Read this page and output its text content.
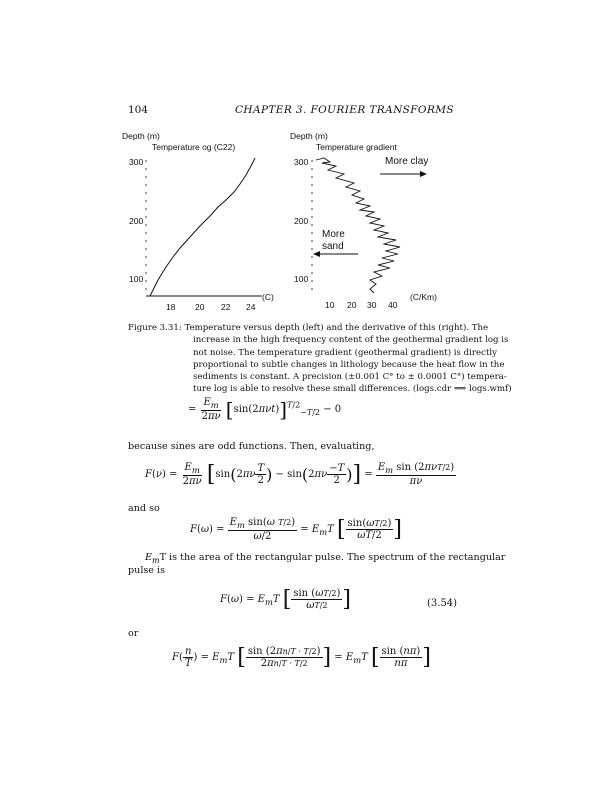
104	CHAPTER 3. FOURIER TRANSFORMS
Depth (m)
Temperature og (C22)
300
200
100
18 20 22 24
(C)
Depth (m)
Temperature gradient
300
200
100
10 20 30 40
(C/Km)
More clay
More
sand
Figure 3.31: Temperature versus depth (left) and the derivative of this (right). The
increase in the high frequency content of the geothermal gradient log is
not noise. The temperature gradient (geothermal gradient) is directly
proportional to subtle changes in lithology because the heat flow in the
sediments is constant. A precision (±0.001 C° to ± 0.0001 C°) tempera-
ture log is able to resolve these small differences. (logs.cdr ⟹ logs.wmf)
= $\frac{E_m}{2\pi\nu} [\sin(2\pi\nu t)]^{T/2}_{-T/2} - 0$
because sines are odd functions. Then, evaluating,
$F(\nu) = \frac{E_m}{2\pi\nu} [\sin(2\pi\nu \frac{T}{2}$ ) − $\sin(2\pi\nu \frac{-T}{2}$ )] = $\frac{E_m \sin (2\pi\nu T/2)}{\pi\nu}$
and so
$F(\omega) = \frac{E_m \sin(\omega T/2)}{\omega/2} = E_mT$ [ $\frac{\sin(\omega T/2)}{\omega T/2}$ ]
$E_mT$ is the area of the rectangular pulse. The spectrum of the rectangular
pulse is
$F(\omega) = E_mT$ [ $\frac{\sin (\omega T/2)}{\omega T/2}$ ]	(3.54)
or
$F( \frac{n}{T}$ ) = $E_mT$ [ $\frac{\sin (2\pi n/T \cdot T/2)}{2\pi n/T \cdot T/2}$ ] = $E_mT$ [ $\frac{\sin (n\pi)}{n\pi}$ ]
